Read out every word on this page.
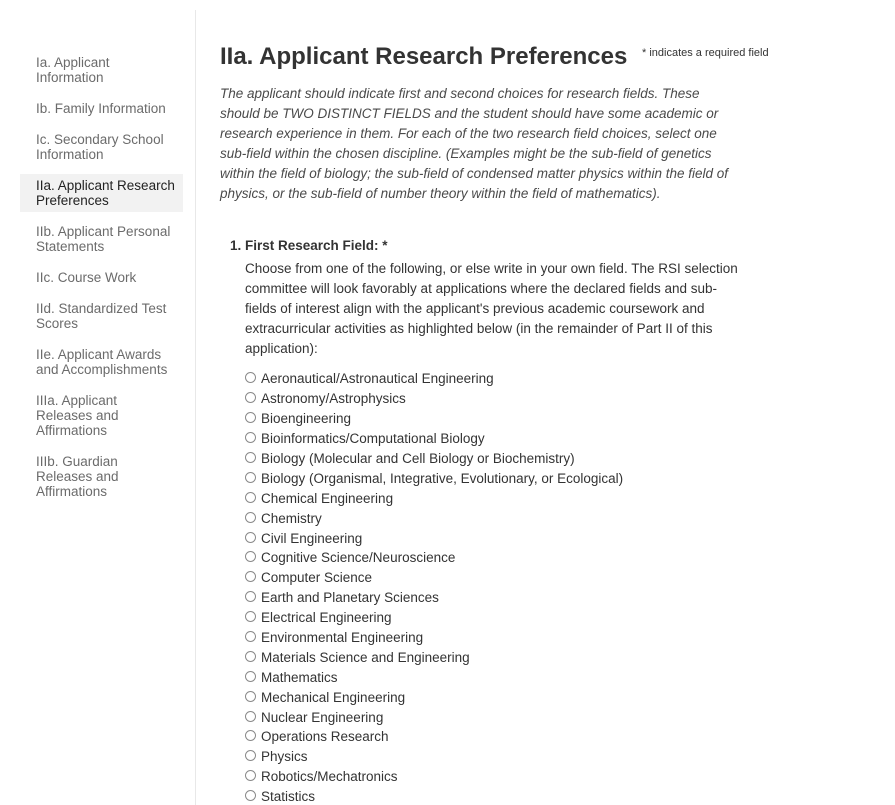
Ia. Applicant Information
Ib. Family Information
Ic. Secondary School Information
IIa. Applicant Research Preferences
IIb. Applicant Personal Statements
IIc. Course Work
IId. Standardized Test Scores
IIe. Applicant Awards and Accomplishments
IIIa. Applicant Releases and Affirmations
IIIb. Guardian Releases and Affirmations
IIa. Applicant Research Preferences * indicates a required field

The applicant should indicate first and second choices for research fields. These should be TWO DISTINCT FIELDS and the student should have some academic or research experience in them. For each of the two research field choices, select one sub-field within the chosen discipline. (Examples might be the sub-field of genetics within the field of biology; the sub-field of condensed matter physics within the field of physics, or the sub-field of number theory within the field of mathematics).

1. First Research Field: *
Choose from one of the following, or else write in your own field. The RSI selection committee will look favorably at applications where the declared fields and sub-fields of interest align with the applicant's previous academic coursework and extracurricular activities as highlighted below (in the remainder of Part II of this application):
Aeronautical/Astronautical Engineering
Astronomy/Astrophysics
Bioengineering
Bioinformatics/Computational Biology
Biology (Molecular and Cell Biology or Biochemistry)
Biology (Organismal, Integrative, Evolutionary, or Ecological)
Chemical Engineering
Chemistry
Civil Engineering
Cognitive Science/Neuroscience
Computer Science
Earth and Planetary Sciences
Electrical Engineering
Environmental Engineering
Materials Science and Engineering
Mathematics
Mechanical Engineering
Nuclear Engineering
Operations Research
Physics
Robotics/Mechatronics
Statistics
